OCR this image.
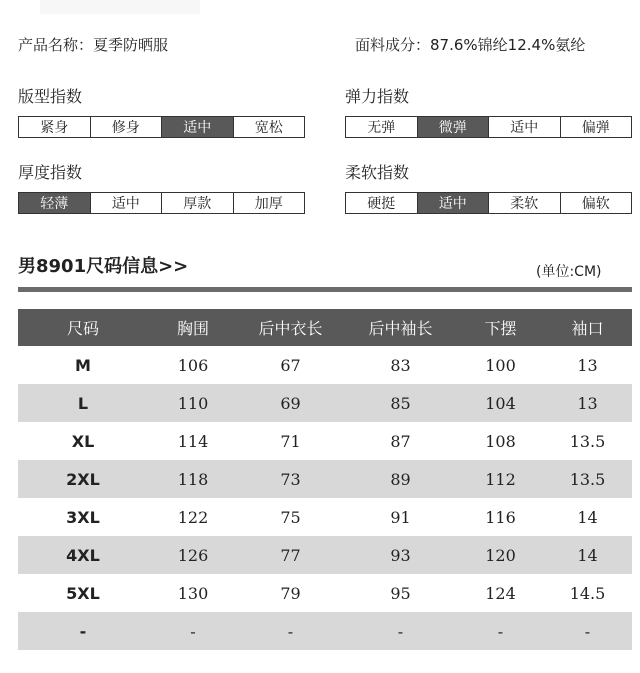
产品名称：夏季防晒服	面料成分：87.6%锦纶12.4%氨纶
版型指数
紧身	修身	适中	宽松
弹力指数
无弹	微弹	适中	偏弹
厚度指数
轻薄	适中	厚款	加厚
柔软指数
硬挺	适中	柔软	偏软
男8901尺码信息>>	(单位:CM)
尺码	胸围	后中衣长	后中袖长	下摆	袖口
M	106	67	83	100	13
L	110	69	85	104	13
XL	114	71	87	108	13.5
2XL	118	73	89	112	13.5
3XL	122	75	91	116	14
4XL	126	77	93	120	14
5XL	130	79	95	124	14.5
-	-	-	-	-	-
